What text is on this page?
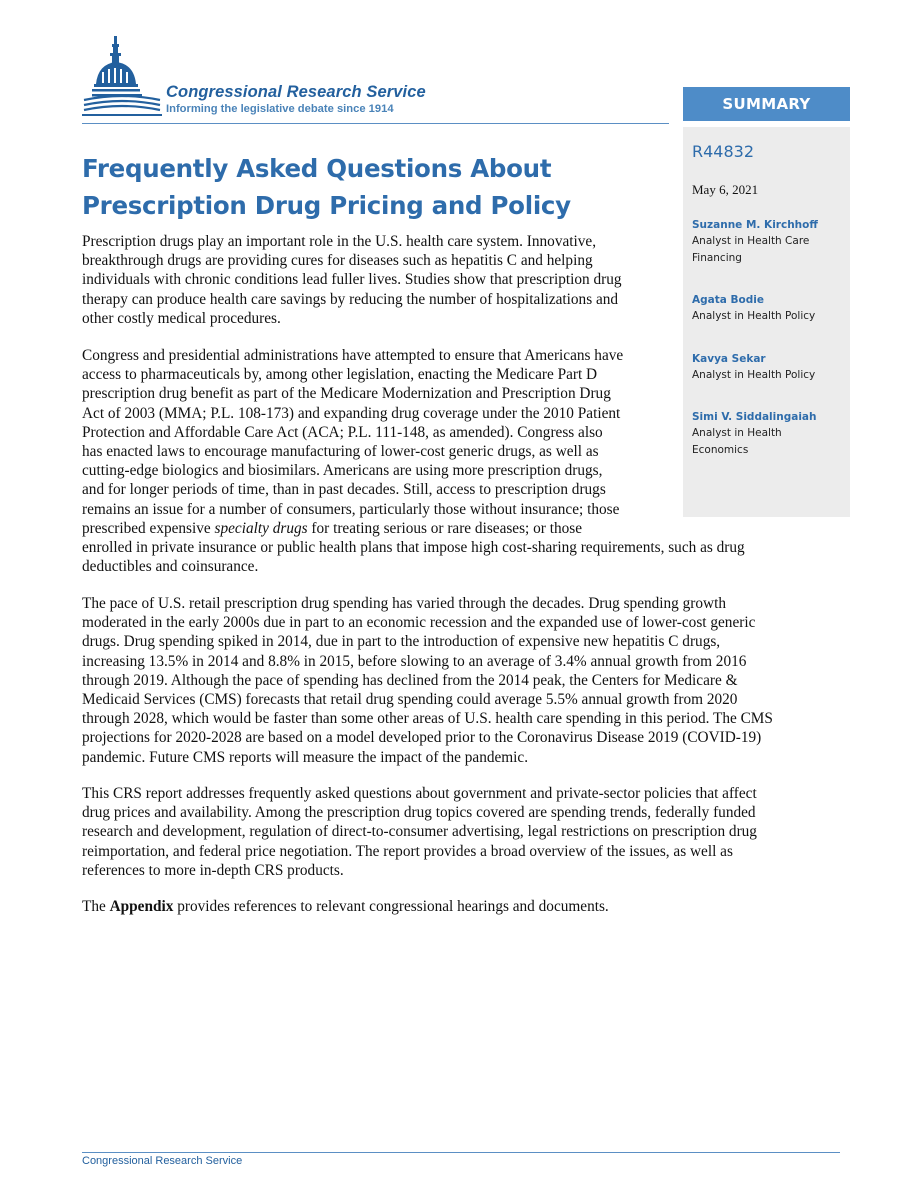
Congressional Research Service
Informing the legislative debate since 1914	SUMMARY
R44832
May 6, 2021
Suzanne M. Kirchhoff
Analyst in Health Care
Financing
Agata Bodie
Analyst in Health Policy
Kavya Sekar
Analyst in Health Policy
Simi V. Siddalingaiah
Analyst in Health
Economics
Frequently Asked Questions About
Prescription Drug Pricing and Policy
Prescription drugs play an important role in the U.S. health care system. Innovative,
breakthrough drugs are providing cures for diseases such as hepatitis C and helping
individuals with chronic conditions lead fuller lives. Studies show that prescription drug
therapy can produce health care savings by reducing the number of hospitalizations and
other costly medical procedures.
Congress and presidential administrations have attempted to ensure that Americans have
access to pharmaceuticals by, among other legislation, enacting the Medicare Part D
prescription drug benefit as part of the Medicare Modernization and Prescription Drug
Act of 2003 (MMA; P.L. 108-173) and expanding drug coverage under the 2010 Patient
Protection and Affordable Care Act (ACA; P.L. 111-148, as amended). Congress also
has enacted laws to encourage manufacturing of lower-cost generic drugs, as well as
cutting-edge biologics and biosimilars. Americans are using more prescription drugs,
and for longer periods of time, than in past decades. Still, access to prescription drugs
remains an issue for a number of consumers, particularly those without insurance; those
prescribed expensive specialty drugs for treating serious or rare diseases; or those
enrolled in private insurance or public health plans that impose high cost-sharing requirements, such as drug
deductibles and coinsurance.
The pace of U.S. retail prescription drug spending has varied through the decades. Drug spending growth
moderated in the early 2000s due in part to an economic recession and the expanded use of lower-cost generic
drugs. Drug spending spiked in 2014, due in part to the introduction of expensive new hepatitis C drugs,
increasing 13.5% in 2014 and 8.8% in 2015, before slowing to an average of 3.4% annual growth from 2016
through 2019. Although the pace of spending has declined from the 2014 peak, the Centers for Medicare &
Medicaid Services (CMS) forecasts that retail drug spending could average 5.5% annual growth from 2020
through 2028, which would be faster than some other areas of U.S. health care spending in this period. The CMS
projections for 2020-2028 are based on a model developed prior to the Coronavirus Disease 2019 (COVID-19)
pandemic. Future CMS reports will measure the impact of the pandemic.
This CRS report addresses frequently asked questions about government and private-sector policies that affect
drug prices and availability. Among the prescription drug topics covered are spending trends, federally funded
research and development, regulation of direct-to-consumer advertising, legal restrictions on prescription drug
reimportation, and federal price negotiation. The report provides a broad overview of the issues, as well as
references to more in-depth CRS products.
The Appendix provides references to relevant congressional hearings and documents.
Congressional Research Service
